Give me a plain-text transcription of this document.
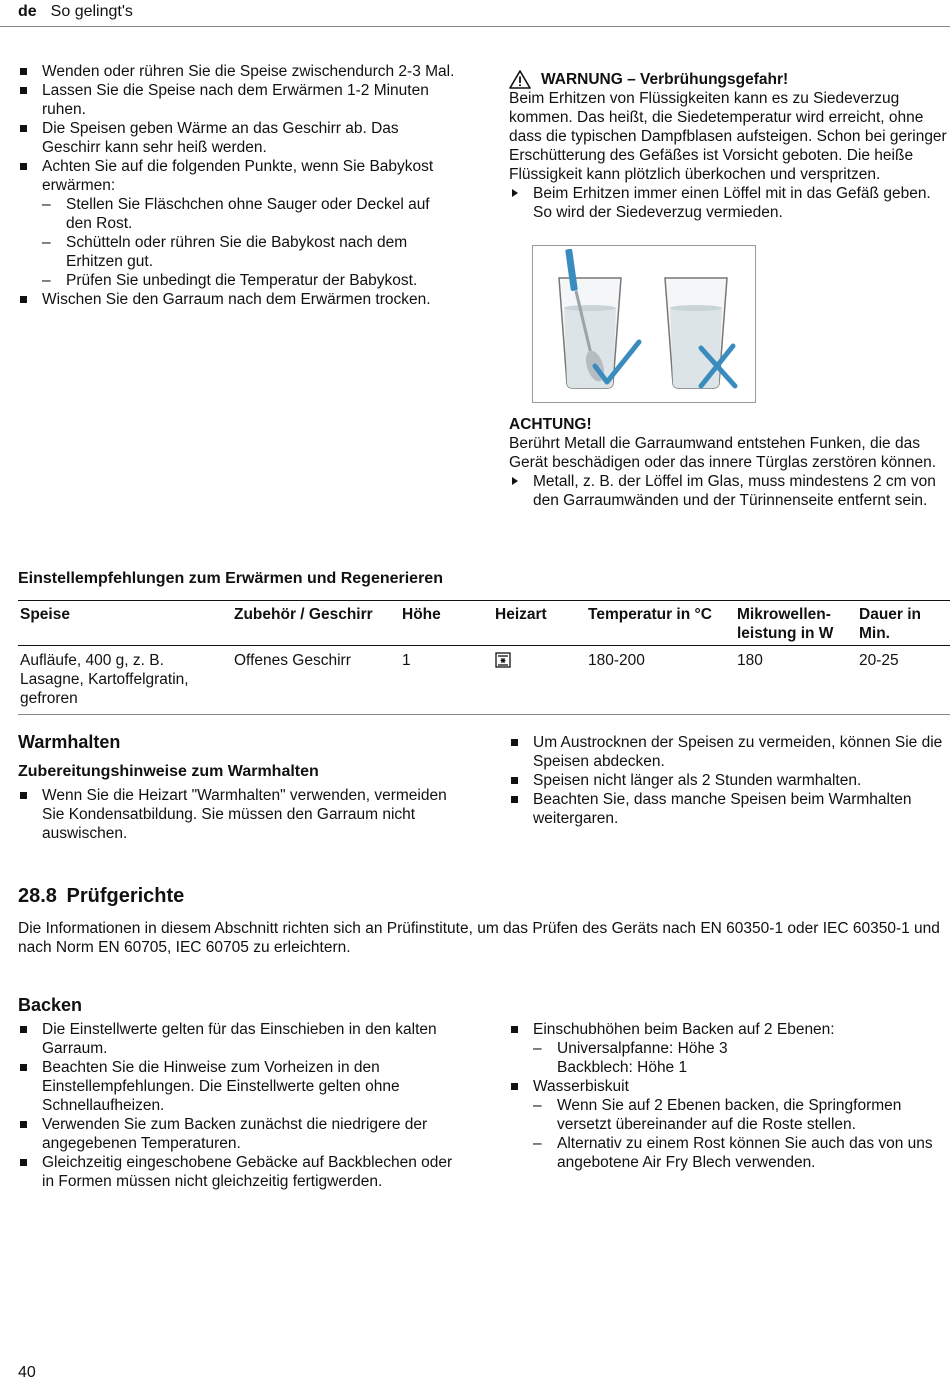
de So gelingt's
Wenden oder rühren Sie die Speise zwischendurch 2-3 Mal.
Lassen Sie die Speise nach dem Erwärmen 1-2 Minuten ruhen.
Die Speisen geben Wärme an das Geschirr ab. Das Geschirr kann sehr heiß werden.
Achten Sie auf die folgenden Punkte, wenn Sie Babykost erwärmen:
– Stellen Sie Fläschchen ohne Sauger oder Deckel auf den Rost.
– Schütteln oder rühren Sie die Babykost nach dem Erhitzen gut.
– Prüfen Sie unbedingt die Temperatur der Babykost.
Wischen Sie den Garraum nach dem Erwärmen trocken.
WARNUNG – Verbrühungsgefahr!
Beim Erhitzen von Flüssigkeiten kann es zu Siedeverzug kommen. Das heißt, die Siedetemperatur wird erreicht, ohne dass die typischen Dampfblasen aufsteigen. Schon bei geringer Erschütterung des Gefäßes ist Vorsicht geboten. Die heiße Flüssigkeit kann plötzlich überkochen und verspritzen.
Beim Erhitzen immer einen Löffel mit in das Gefäß geben. So wird der Siedeverzug vermieden.
ACHTUNG!
Berührt Metall die Garraumwand entstehen Funken, die das Gerät beschädigen oder das innere Türglas zerstören können.
Metall, z. B. der Löffel im Glas, muss mindestens 2 cm von den Garraumwänden und der Türinnenseite entfernt sein.
Einstellempfehlungen zum Erwärmen und Regenerieren
Speise	Zubehör / Geschirr	Höhe	Heizart	Temperatur in °C	Mikrowellenleistung in W	Dauer in Min.
Aufläufe, 400 g, z. B. Lasagne, Kartoffelgratin, gefroren	Offenes Geschirr	1		180-200	180	20-25
Warmhalten
Zubereitungshinweise zum Warmhalten
Wenn Sie die Heizart "Warmhalten" verwenden, vermeiden Sie Kondensatbildung. Sie müssen den Garraum nicht auswischen.
Um Austrocknen der Speisen zu vermeiden, können Sie die Speisen abdecken.
Speisen nicht länger als 2 Stunden warmhalten.
Beachten Sie, dass manche Speisen beim Warmhalten weitergaren.
28.8 Prüfgerichte
Die Informationen in diesem Abschnitt richten sich an Prüfinstitute, um das Prüfen des Geräts nach EN 60350-1 oder IEC 60350-1 und nach Norm EN 60705, IEC 60705 zu erleichtern.
Backen
Die Einstellwerte gelten für das Einschieben in den kalten Garraum.
Beachten Sie die Hinweise zum Vorheizen in den Einstellempfehlungen. Die Einstellwerte gelten ohne Schnellaufheizen.
Verwenden Sie zum Backen zunächst die niedrigere der angegebenen Temperaturen.
Gleichzeitig eingeschobene Gebäcke auf Backblechen oder in Formen müssen nicht gleichzeitig fertigwerden.
Einschubhöhen beim Backen auf 2 Ebenen:
– Universalpfanne: Höhe 3
Backblech: Höhe 1
Wasserbiskuit
– Wenn Sie auf 2 Ebenen backen, die Springformen versetzt übereinander auf die Roste stellen.
– Alternativ zu einem Rost können Sie auch das von uns angebotene Air Fry Blech verwenden.
40
